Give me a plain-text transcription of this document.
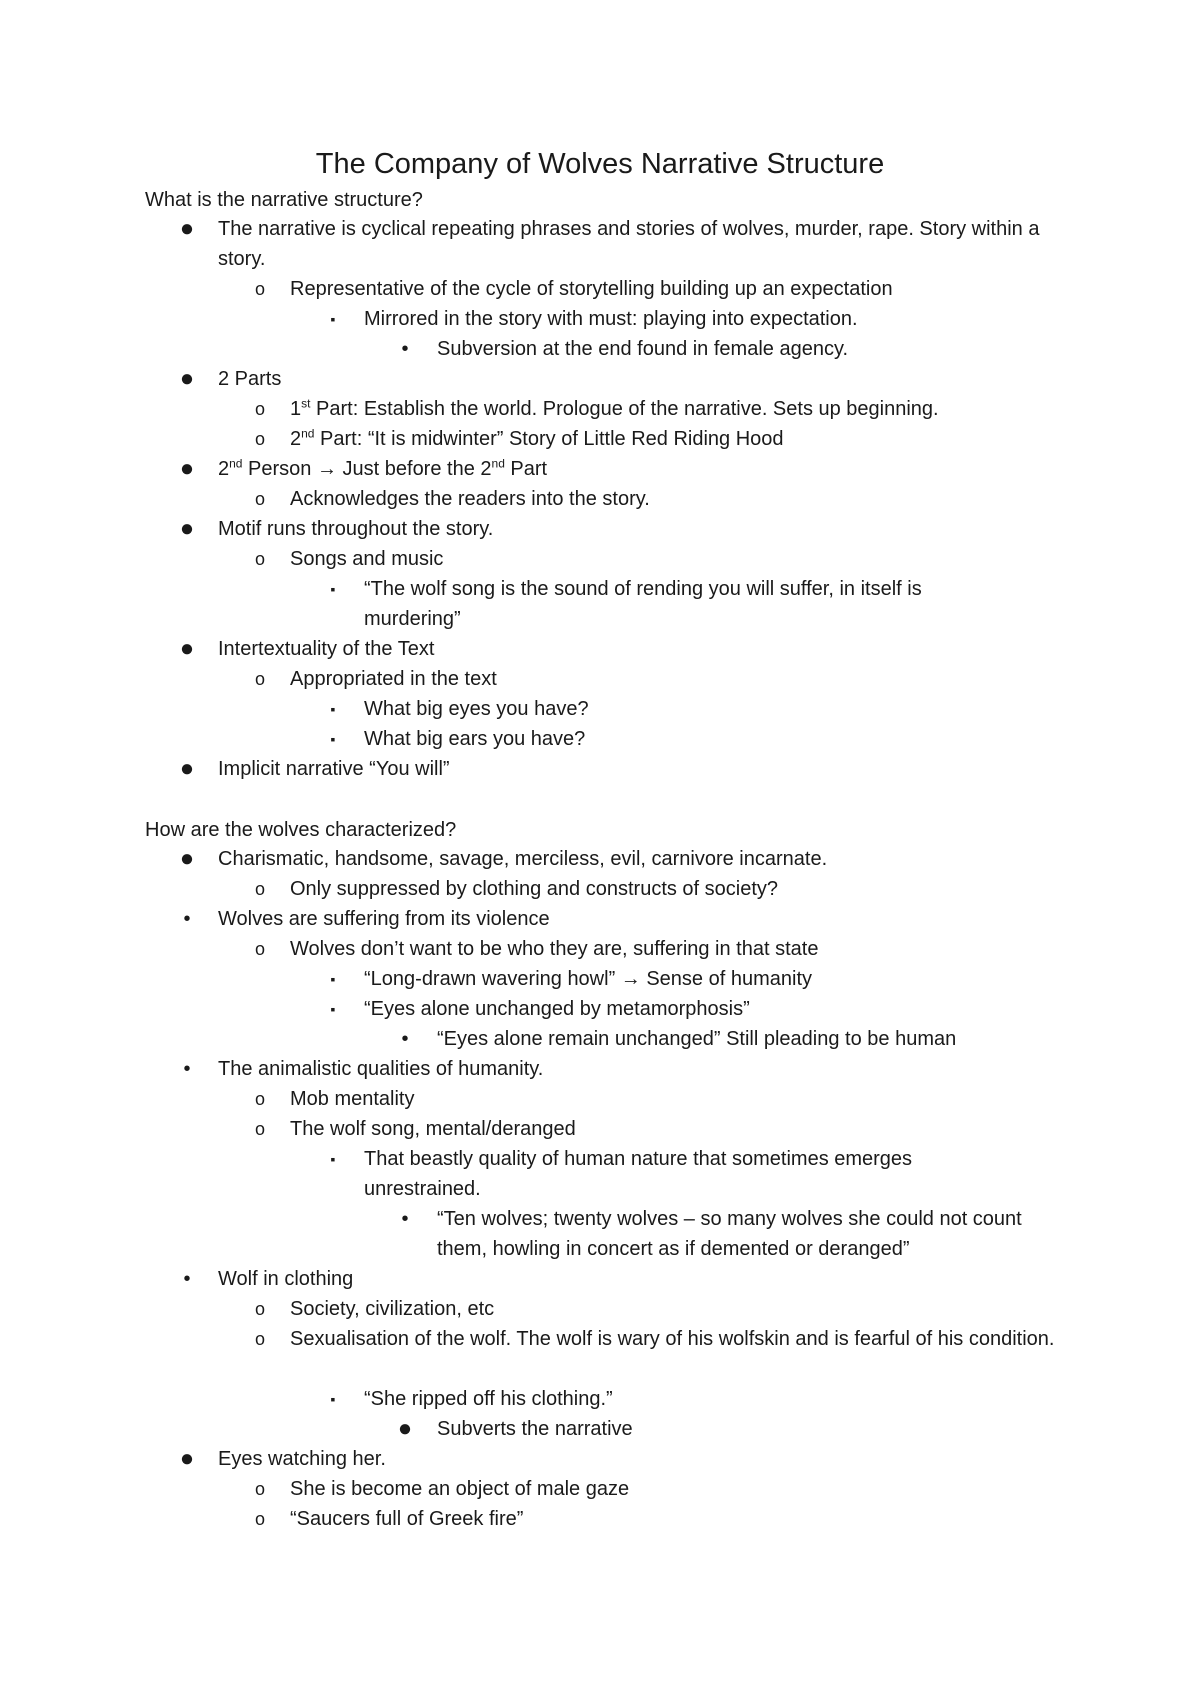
The Company of Wolves Narrative Structure
What is the narrative structure?
● The narrative is cyclical repeating phrases and stories of wolves, murder, rape. Story within a story.
o	Representative of the cycle of storytelling building up an expectation
▪	Mirrored in the story with must: playing into expectation.
•	Subversion at the end found in female agency.
● 2 Parts
o	1st Part: Establish the world. Prologue of the narrative. Sets up beginning.
o	2nd Part: “It is midwinter” Story of Little Red Riding Hood
● 2nd Person → Just before the 2nd Part
o	Acknowledges the readers into the story.
● Motif runs throughout the story.
o	Songs and music
▪	“The wolf song is the sound of rending you will suffer, in itself is murdering”
● Intertextuality of the Text
o	Appropriated in the text
▪	What big eyes you have?
▪	What big ears you have?
● Implicit narrative “You will”
How are the wolves characterized?
● Charismatic, handsome, savage, merciless, evil, carnivore incarnate.
o	Only suppressed by clothing and constructs of society?
•	Wolves are suffering from its violence
o	Wolves don’t want to be who they are, suffering in that state
▪	“Long-drawn wavering howl” → Sense of humanity
▪	“Eyes alone unchanged by metamorphosis”
•	“Eyes alone remain unchanged” Still pleading to be human
•	The animalistic qualities of humanity.
o	Mob mentality
o	The wolf song, mental/deranged
▪	That beastly quality of human nature that sometimes emerges unrestrained.
•	“Ten wolves; twenty wolves – so many wolves she could not count them, howling in concert as if demented or deranged”
•	Wolf in clothing
o	Society, civilization, etc
o	Sexualisation of the wolf. The wolf is wary of his wolfskin and is fearful of his condition.
▪	“She ripped off his clothing.”
● Subverts the narrative
● Eyes watching her.
o	She is become an object of male gaze
o	“Saucers full of Greek fire”
